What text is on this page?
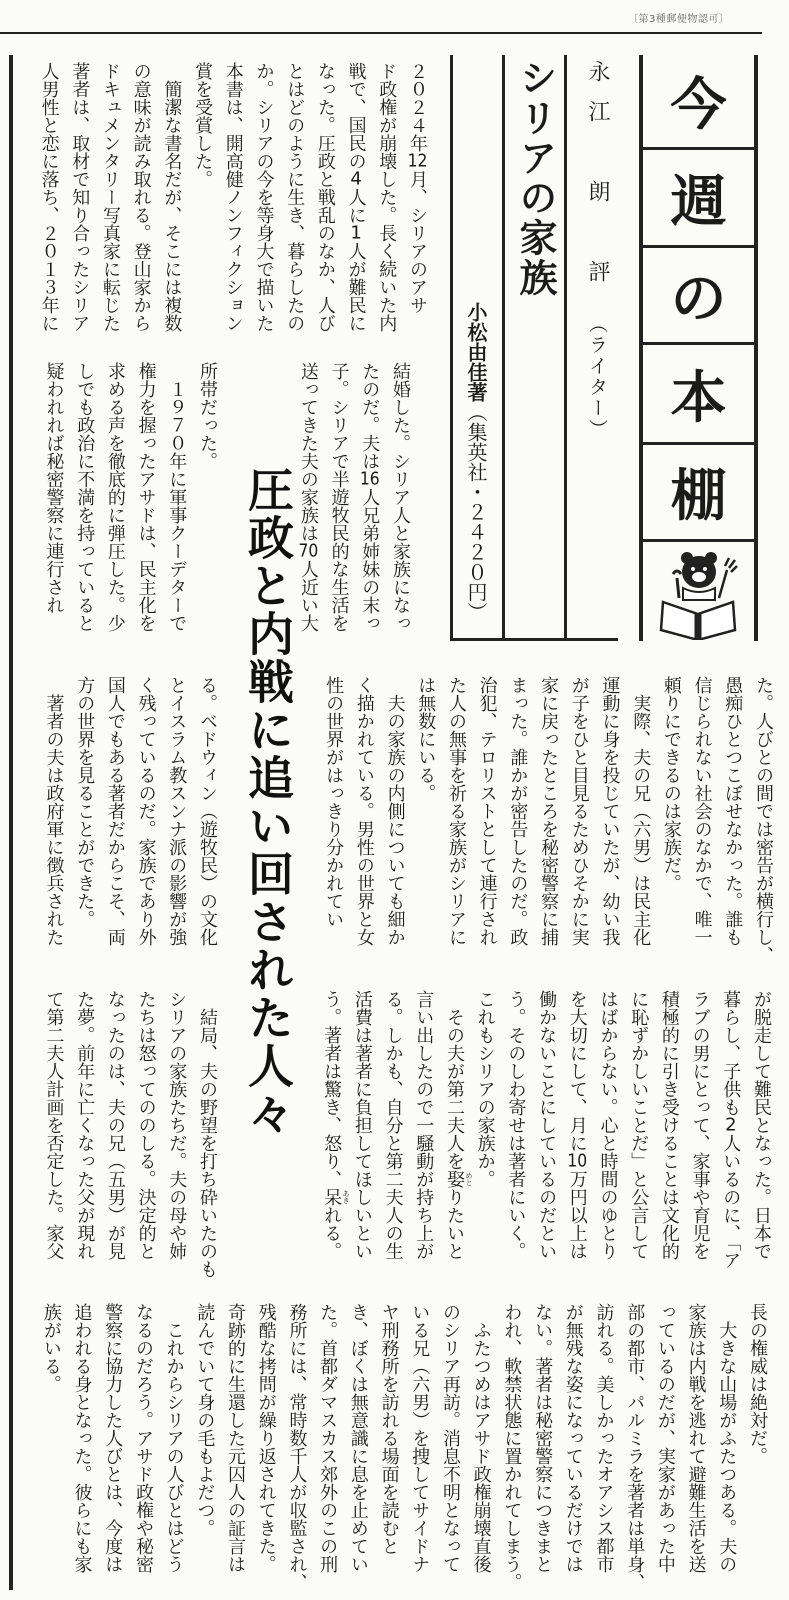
〔第3種郵便物認可〕
今
週
の
本
棚
永江　朗　評（ライター）
シリアの家族
小松由佳著（集英社・２４２０円）
圧政と内戦に追い回された人々
２０２４年12月、シリアのアサ
ド政権が崩壊した。長く続いた内
戦で、国民の4人に1人が難民に
なった。圧政と戦乱のなか、人び
とはどのように生き、暮らしたの
か。シリアの今を等身大で描いた
本書は、開高健ノンフィクション
賞を受賞した。
　簡潔な書名だが、そこには複数
の意味が読み取れる。登山家から
ドキュメンタリー写真家に転じた
著者は、取材で知り合ったシリア
人男性と恋に落ち、２０１３年に
結婚した。シリア人と家族になっ
たのだ。夫は16人兄弟姉妹の末っ
子。シリアで半遊牧民的な生活を
送ってきた夫の家族は70人近い大
所帯だった。
　１９７０年に軍事クーデターで
権力を握ったアサドは、民主化を
求める声を徹底的に弾圧した。少
しでも政治に不満を持っていると
疑われれば秘密警察に連行され
た。人びとの間では密告が横行し、
愚痴ひとつこぼせなかった。誰も
信じられない社会のなかで、唯一
頼りにできるのは家族だ。
　実際、夫の兄（六男）は民主化
運動に身を投じていたが、幼い我
が子をひと目見るためひそかに実
家に戻ったところを秘密警察に捕
まった。誰かが密告したのだ。政
治犯、テロリストとして連行され
た人の無事を祈る家族がシリアに
は無数にいる。
　夫の家族の内側についても細か
く描かれている。男性の世界と女
性の世界がはっきり分かれてい
る。ベドウィン（遊牧民）の文化
とイスラム教スンナ派の影響が強
く残っているのだ。家族であり外
国人でもある著者だからこそ、両
方の世界を見ることができた。
　著者の夫は政府軍に徴兵された
が脱走して難民となった。日本で
暮らし、子供も2人いるのに、「ア
ラブの男にとって、家事や育児を
積極的に引き受けることは文化的
に恥ずかしいことだ」と公言して
はばからない。心と時間のゆとり
を大切にして、月に10万円以上は
働かないことにしているのだとい
う。そのしわ寄せは著者にいく。
これもシリアの家族か。
　その夫が第二夫人を娶りたいと
言い出したので一騒動が持ち上が
る。しかも、自分と第二夫人の生
活費は著者に負担してほしいとい
う。著者は驚き、怒り、呆れる。
　結局、夫の野望を打ち砕いたのも
シリアの家族たちだ。夫の母や姉
たちは怒ってののしる。決定的と
なったのは、夫の兄（五男）が見
た夢。前年に亡くなった父が現れ
て第二夫人計画を否定した。家父
長の権威は絶対だ。
　大きな山場がふたつある。夫の
家族は内戦を逃れて避難生活を送
っているのだが、実家があった中
部の都市、パルミラを著者は単身、
訪れる。美しかったオアシス都市
が無残な姿になっているだけでは
ない。著者は秘密警察につきまと
われ、軟禁状態に置かれてしまう。
　ふたつめはアサド政権崩壊直後
のシリア再訪。消息不明となって
いる兄（六男）を捜してサイドナ
ヤ刑務所を訪れる場面を読むと
き、ぼくは無意識に息を止めてい
た。首都ダマスカス郊外のこの刑
務所には、常時数千人が収監され、
残酷な拷問が繰り返されてきた。
奇跡的に生還した元囚人の証言は
読んでいて身の毛もよだつ。
　これからシリアの人びとはどう
なるのだろう。アサド政権や秘密
警察に協力した人びとは、今度は
追われる身となった。彼らにも家
族がいる。
めと
あき
